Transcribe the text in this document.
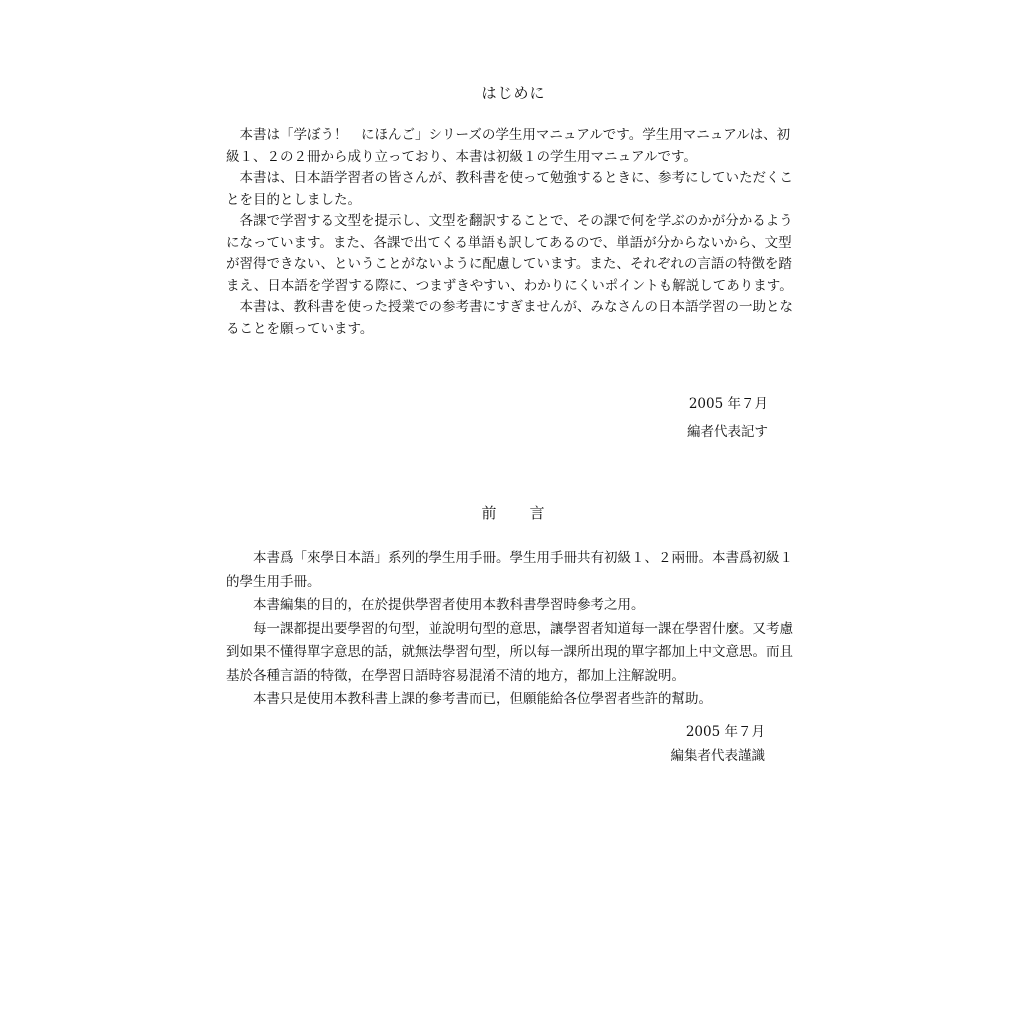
はじめに

本書は「学ぼう！　にほんご」シリーズの学生用マニュアルです。学生用マニュアルは、初級１、２の２冊から成り立っており、本書は初級１の学生用マニュアルです。

本書は、日本語学習者の皆さんが、教科書を使って勉強するときに、参考にしていただくことを目的としました。

各課で学習する文型を提示し、文型を翻訳することで、その課で何を学ぶのかが分かるようになっています。また、各課で出てくる単語も訳してあるので、単語が分からないから、文型が習得できない、ということがないように配慮しています。また、それぞれの言語の特徴を踏まえ、日本語を学習する際に、つまずきやすい、わかりにくいポイントも解説してあります。

本書は、教科書を使った授業での参考書にすぎませんが、みなさんの日本語学習の一助となることを願っています。

2005 年７月
編者代表記す
前　　言

本書爲「來學日本語」系列的學生用手冊。學生用手冊共有初級１、２兩冊。本書爲初級１的學生用手冊。

本書編集的目的，在於提供學習者使用本教科書學習時參考之用。

每一課都提出要學習的句型，並說明句型的意思，讓學習者知道每一課在學習什麼。又考慮到如果不懂得單字意思的話，就無法學習句型，所以每一課所出現的單字都加上中文意思。而且基於各種言語的特徵，在學習日語時容易混淆不清的地方，都加上注解說明。

本書只是使用本教科書上課的參考書而已，但願能給各位學習者些許的幫助。

2005 年７月
編集者代表謹識
